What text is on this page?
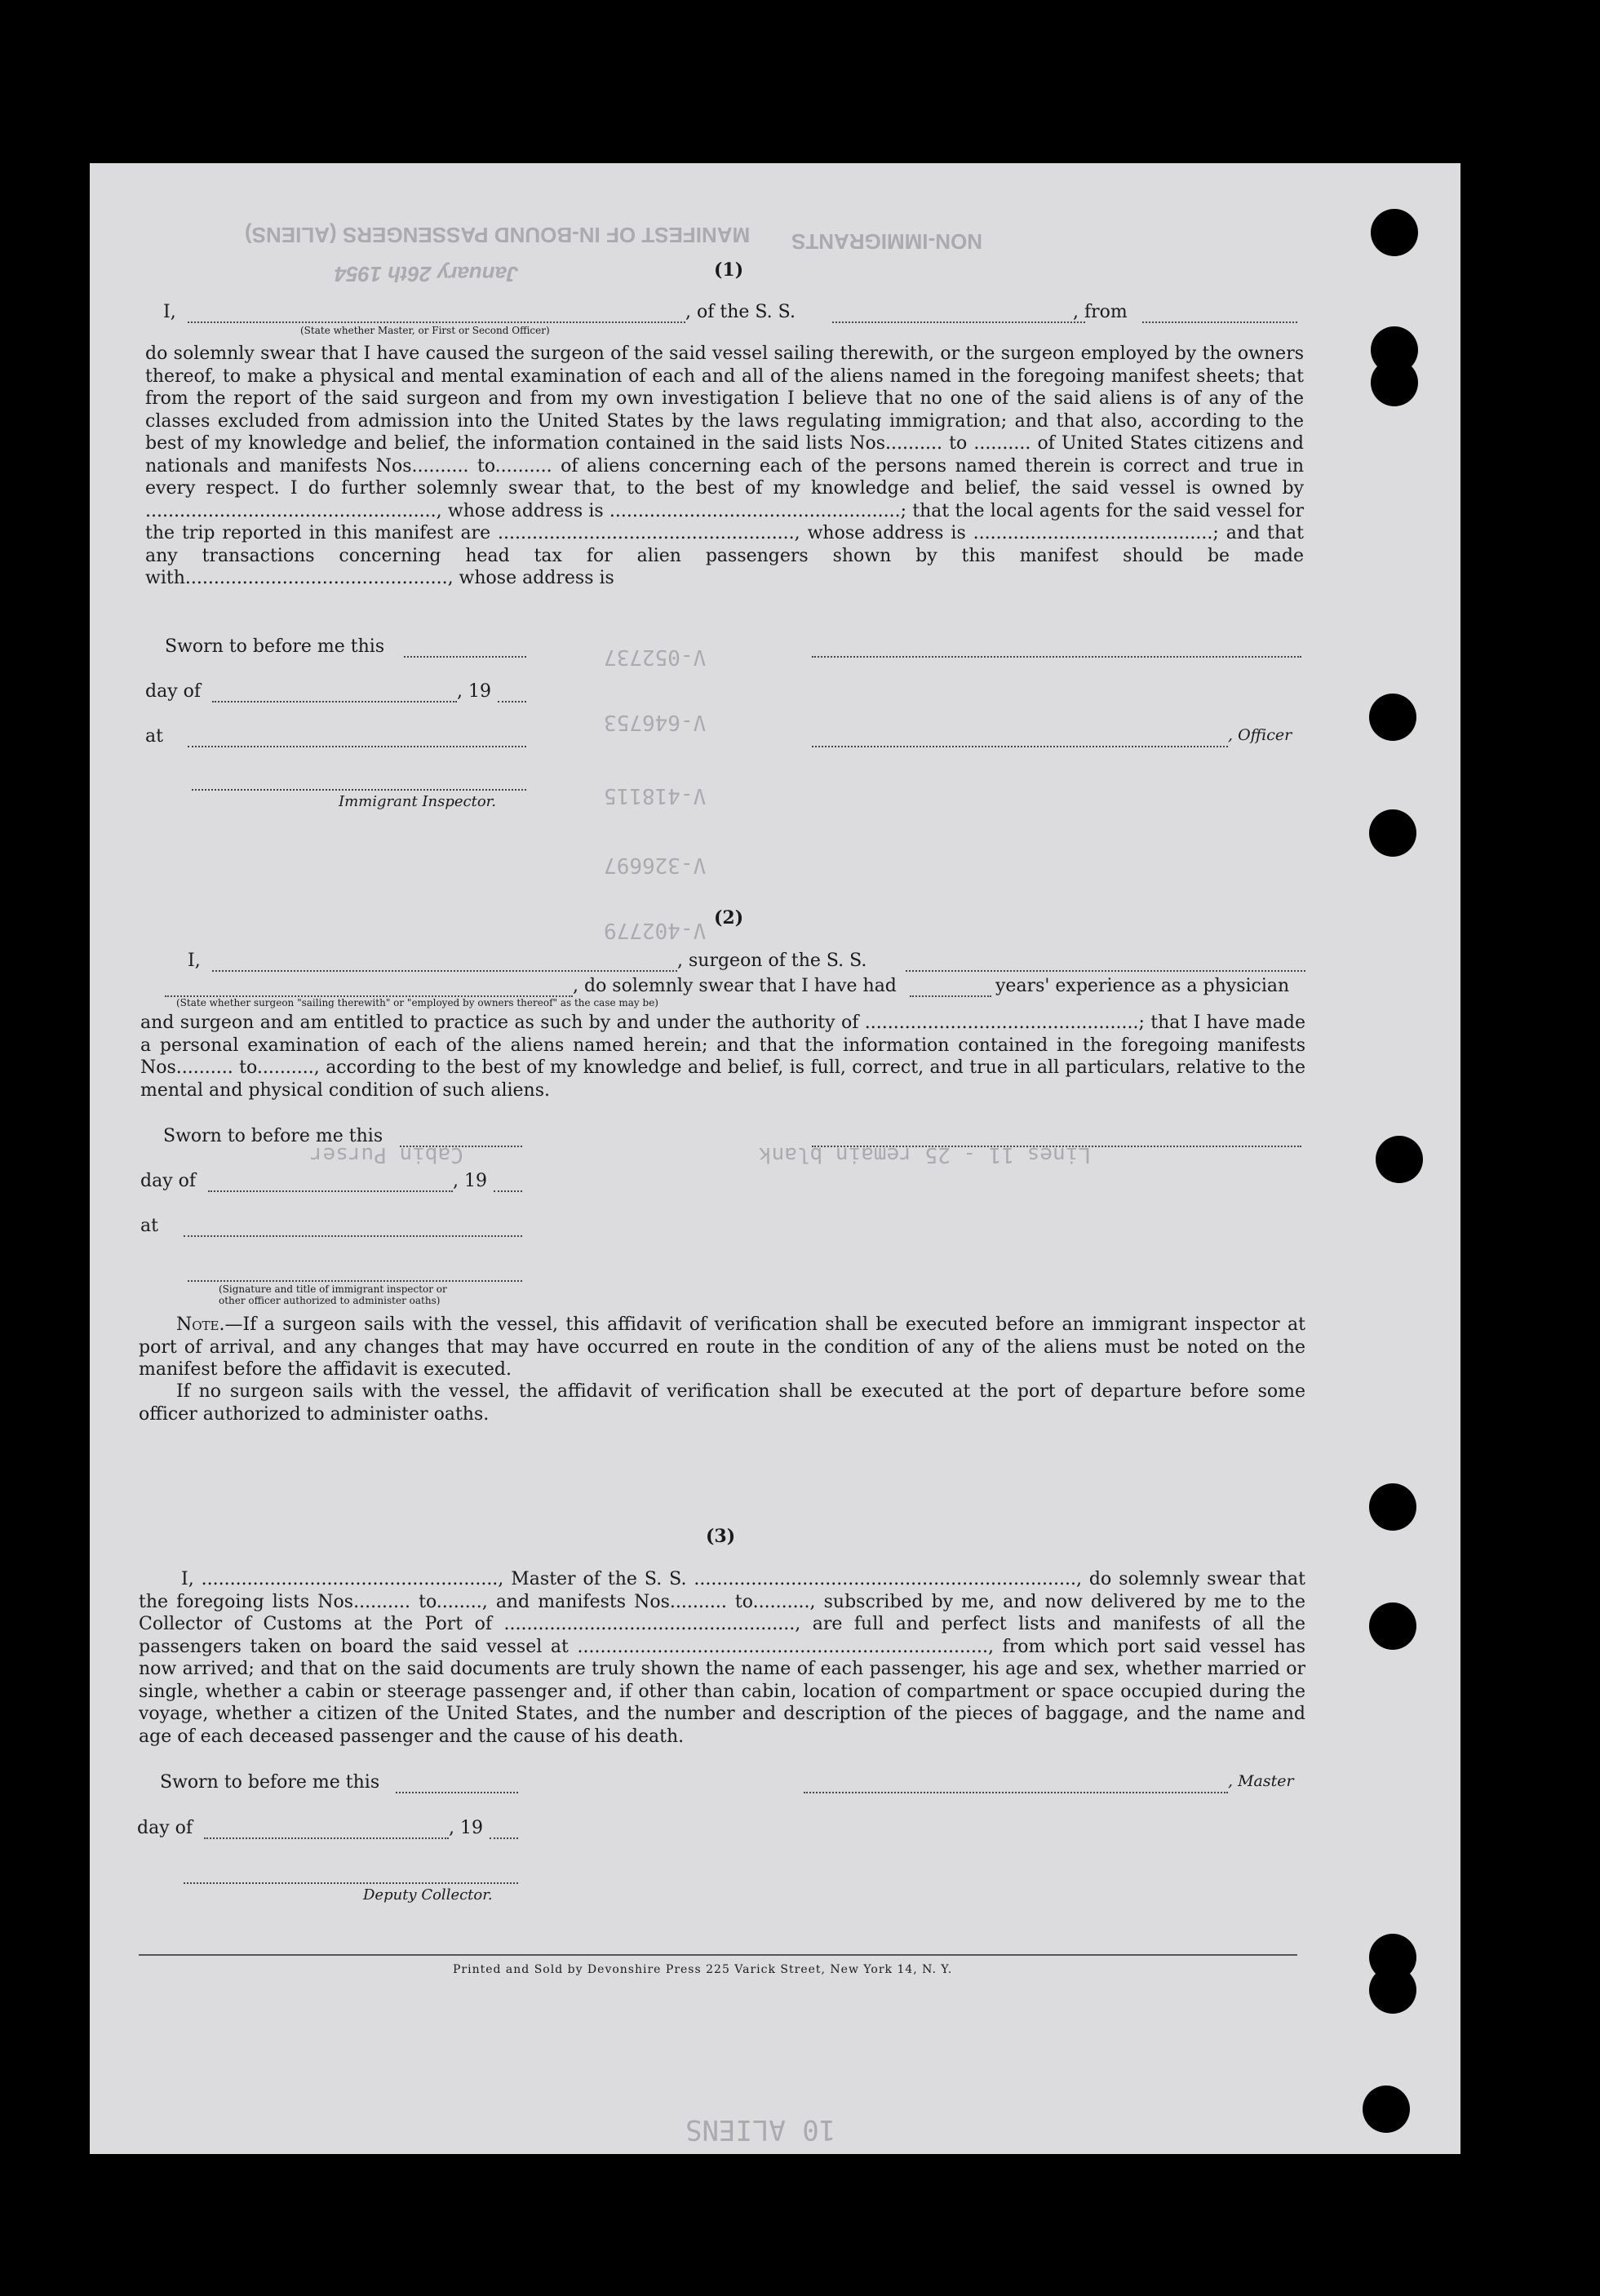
MANIFEST OF IN-BOUND PASSENGERS (ALIENS)
January 26th 1954
NON-IMMIGRANTS
V-052737
V-646753
V-418115
V-326697
V-402779
Lines 11 - 25 remain blank
Cabin Purser
10 ALIENS
(1)
I,	, of the S. S.	, from
(State whether Master, or First or Second Officer)
do solemnly swear that I have caused the surgeon of the said vessel sailing therewith, or the surgeon employed by the owners thereof, to make a physical and mental examination of each and all of the aliens named in the foregoing manifest sheets; that from the report of the said surgeon and from my own investigation I believe that no one of the said aliens is of any of the classes excluded from admission into the United States by the laws regulating immigration; and that also, according to the best of my knowledge and belief, the information contained in the said lists Nos.......... to .......... of United States citizens and nationals and manifests Nos.......... to.......... of aliens concerning each of the persons named therein is correct and true in every respect. I do further solemnly swear that, to the best of my knowledge and belief, the said vessel is owned by ..................................................., whose address is ...................................................; that the local agents for the said vessel for the trip reported in this manifest are ...................................................., whose address is ..........................................; and that any transactions concerning head tax for alien passengers shown by this manifest should be made with.............................................., whose address is
Sworn to before me this
day of	, 19
at	, Officer
Immigrant Inspector.
(2)
I,	, surgeon of the S. S.
, do solemnly swear that I have had	years' experience as a physician
(State whether surgeon "sailing therewith" or "employed by owners thereof" as the case may be)
and surgeon and am entitled to practice as such by and under the authority of ................................................; that I have made a personal examination of each of the aliens named herein; and that the information contained in the foregoing manifests Nos.......... to.........., according to the best of my knowledge and belief, is full, correct, and true in all particulars, relative to the mental and physical condition of such aliens.
Sworn to before me this
day of	, 19
at
(Signature and title of immigrant inspector or
other officer authorized to administer oaths)
Note.—If a surgeon sails with the vessel, this affidavit of verification shall be executed before an immigrant inspector at port of arrival, and any changes that may have occurred en route in the condition of any of the aliens must be noted on the manifest before the affidavit is executed.
If no surgeon sails with the vessel, the affidavit of verification shall be executed at the port of departure before some officer authorized to administer oaths.
(3)
I, ...................................................., Master of the S. S. ..................................................................., do solemnly swear that the foregoing lists Nos.......... to........, and manifests Nos.......... to.........., subscribed by me, and now delivered by me to the Collector of Customs at the Port of ..................................................., are full and perfect lists and manifests of all the passengers taken on board the said vessel at ........................................................................, from which port said vessel has now arrived; and that on the said documents are truly shown the name of each passenger, his age and sex, whether married or single, whether a cabin or steerage passenger and, if other than cabin, location of compartment or space occupied during the voyage, whether a citizen of the United States, and the number and description of the pieces of baggage, and the name and age of each deceased passenger and the cause of his death.
Sworn to before me this	, Master
day of	, 19
Deputy Collector.
Printed and Sold by Devonshire Press 225 Varick Street, New York 14, N. Y.
